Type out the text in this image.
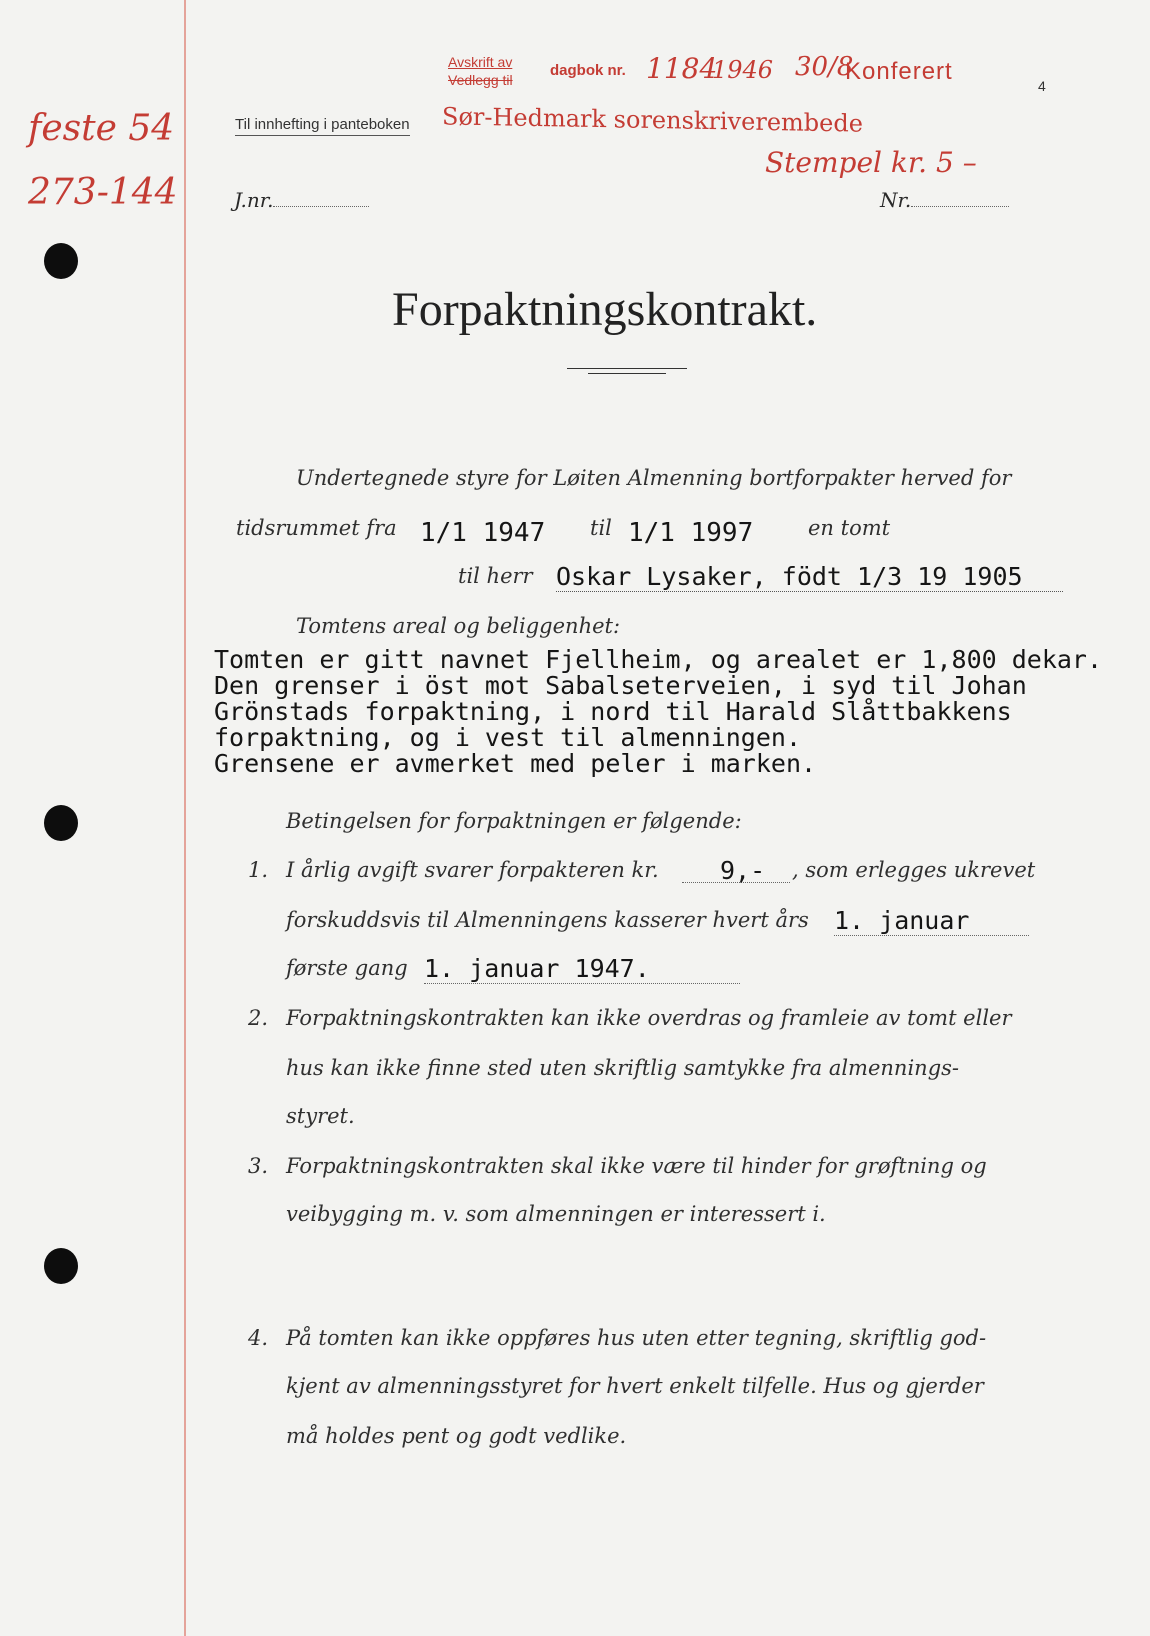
feste 54
273-144
Avskrift av
Vedlegg til
dagbok nr. 1184
1946 30/8
Konferert
4
Til innhefting i panteboken Sør-Hedmark sorenskriverembede
Stempel kr. 5 –
J.nr.	Nr.
Forpaktningskontrakt.
Undertegnede styre for Løiten Almenning bortforpakter herved for
tidsrummet fra 1/1 1947 til 1/1 1997	en tomt
til herr Oskar Lysaker, födt 1/3 19 1905
Tomtens areal og beliggenhet:
Tomten er gitt navnet Fjellheim, og arealet er 1,800 dekar.
Den grenser i öst mot Sabalseterveien, i syd til Johan
Grönstads forpaktning, i nord til Harald Slåttbakkens
forpaktning, og i vest til almenningen.
Grensene er avmerket med peler i marken.
Betingelsen for forpaktningen er følgende:
1. I årlig avgift svarer forpakteren kr. 9,- , som erlegges ukrevet
forskuddsvis til Almenningens kasserer hvert års 1. januar
første gang 1. januar 1947.
2. Forpaktningskontrakten kan ikke overdras og framleie av tomt eller
hus kan ikke finne sted uten skriftlig samtykke fra almennings-
styret.
3. Forpaktningskontrakten skal ikke være til hinder for grøftning og
veibygging m. v. som almenningen er interessert i.
4. På tomten kan ikke oppføres hus uten etter tegning, skriftlig god-
kjent av almenningsstyret for hvert enkelt tilfelle. Hus og gjerder
må holdes pent og godt vedlike.
